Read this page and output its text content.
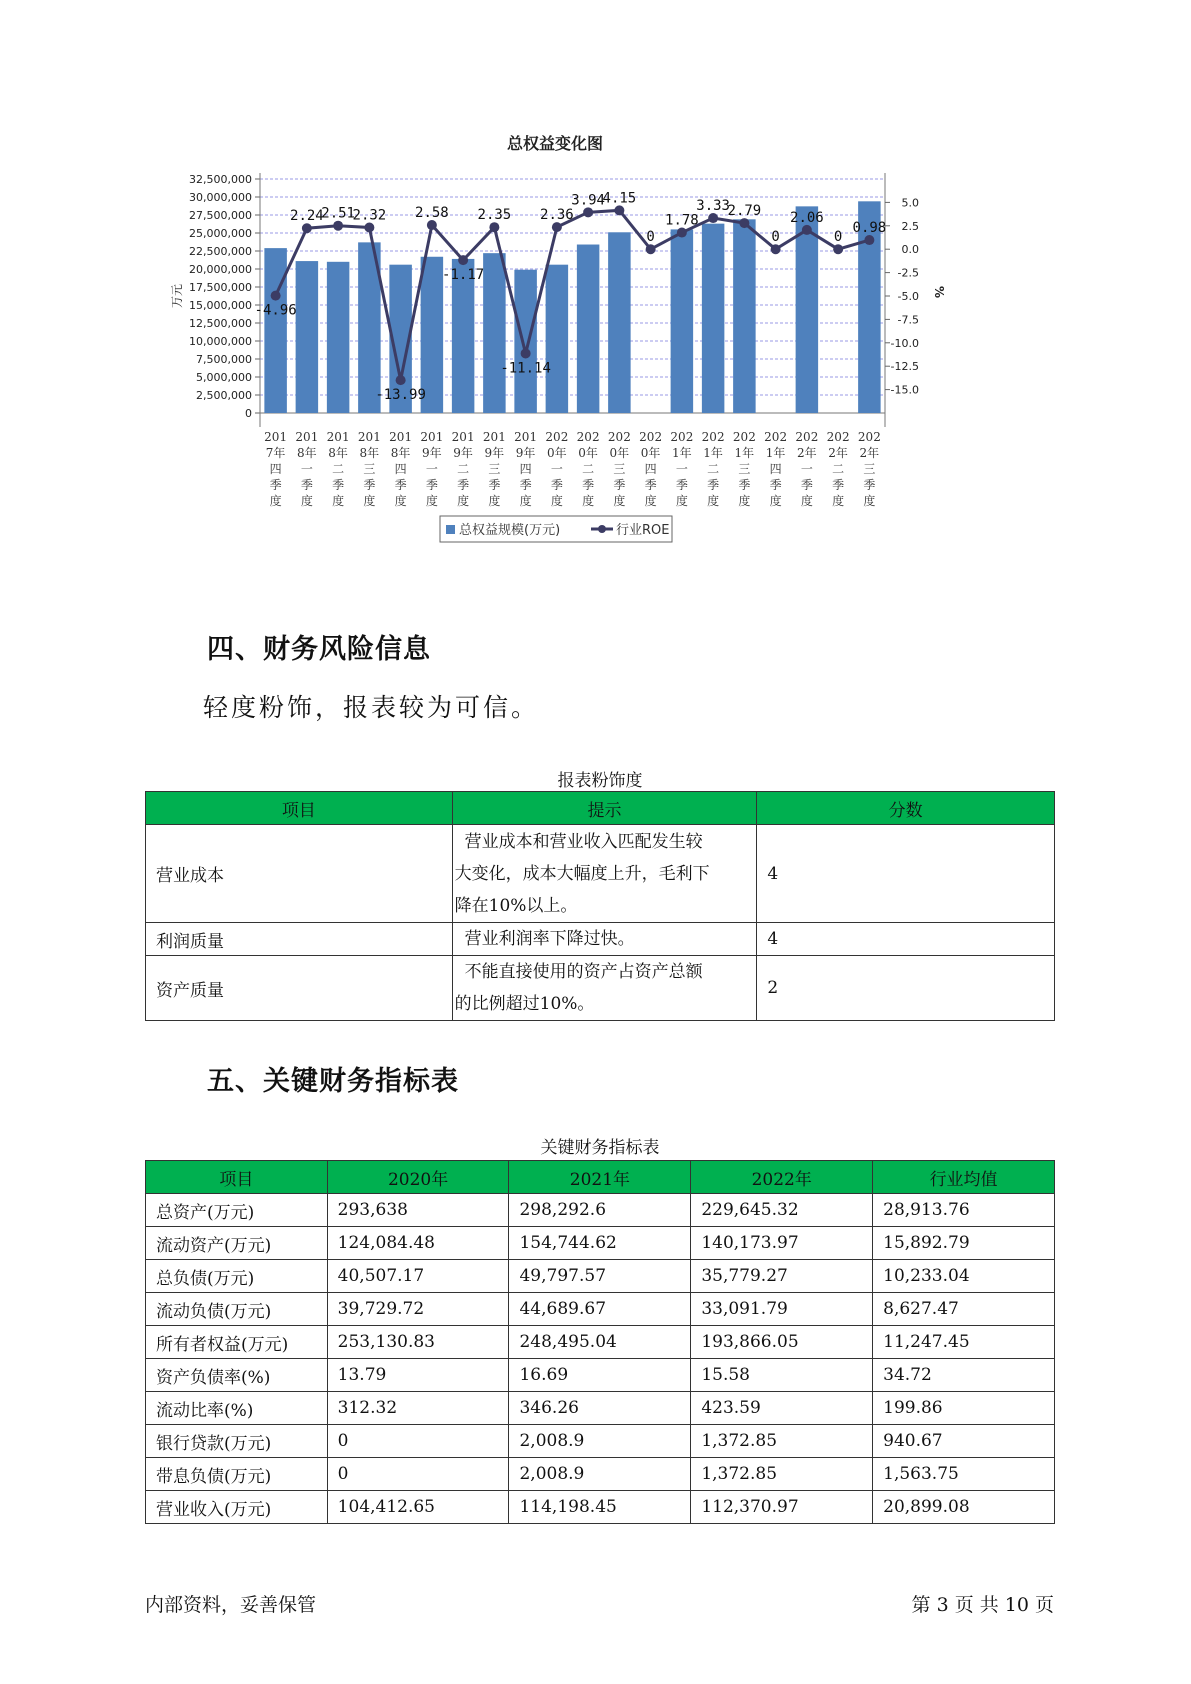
总权益变化图
32,500,000
30,000,000
27,500,000
25,000,000
22,500,000
20,000,000
17,500,000
15,000,000
12,500,000
10,000,000
7,500,000
5,000,000
2,500,000
0
5.0
2.5
0.0
-2.5
-5.0
-7.5
-10.0
-12.5
-15.0
万元	%
201
7年
四
季
度
201
8年
一
季
度
201
8年
二
季
度
201
8年
三
季
度
201
8年
四
季
度
201
9年
一
季
度
201
9年
二
季
度
201
9年
三
季
度
201
9年
四
季
度
202
0年
一
季
度
202
0年
二
季
度
202
0年
三
季
度
202
0年
四
季
度
202
1年
一
季
度
202
1年
二
季
度
202
1年
三
季
度
202
1年
四
季
度
202
2年
一
季
度
202
2年
二
季
度
202
2年
三
季
度
-4.96
2.24
2.51
2.32
-13.99
2.58
-1.17
2.35
-11.14
2.36
3.94
4.15
0
1.78
3.33
2.79
0
2.06
0
0.98
总权益规模(万元)	行业ROE
四、财务风险信息

轻度粉饰，报表较为可信。

报表粉饰度
项目	提示	分数
营业成本	营业成本和营业收入匹配发生较
大变化，成本大幅度上升，毛利下
降在10%以上。	4
利润质量	营业利润率下降过快。	4
资产质量	不能直接使用的资产占资产总额
的比例超过10%。	2
五、关键财务指标表
关键财务指标表
项目	2020年	2021年	2022年	行业均值
总资产(万元)	293,638	298,292.6	229,645.32	28,913.76
流动资产(万元)	124,084.48	154,744.62	140,173.97	15,892.79
总负债(万元)	40,507.17	49,797.57	35,779.27	10,233.04
流动负债(万元)	39,729.72	44,689.67	33,091.79	8,627.47
所有者权益(万元)	253,130.83	248,495.04	193,866.05	11,247.45
资产负债率(%)	13.79	16.69	15.58	34.72
流动比率(%)	312.32	346.26	423.59	199.86
银行贷款(万元)	0	2,008.9	1,372.85	940.67
带息负债(万元)	0	2,008.9	1,372.85	1,563.75
营业收入(万元)	104,412.65	114,198.45	112,370.97	20,899.08
内部资料，妥善保管	第 3 页 共 10 页
